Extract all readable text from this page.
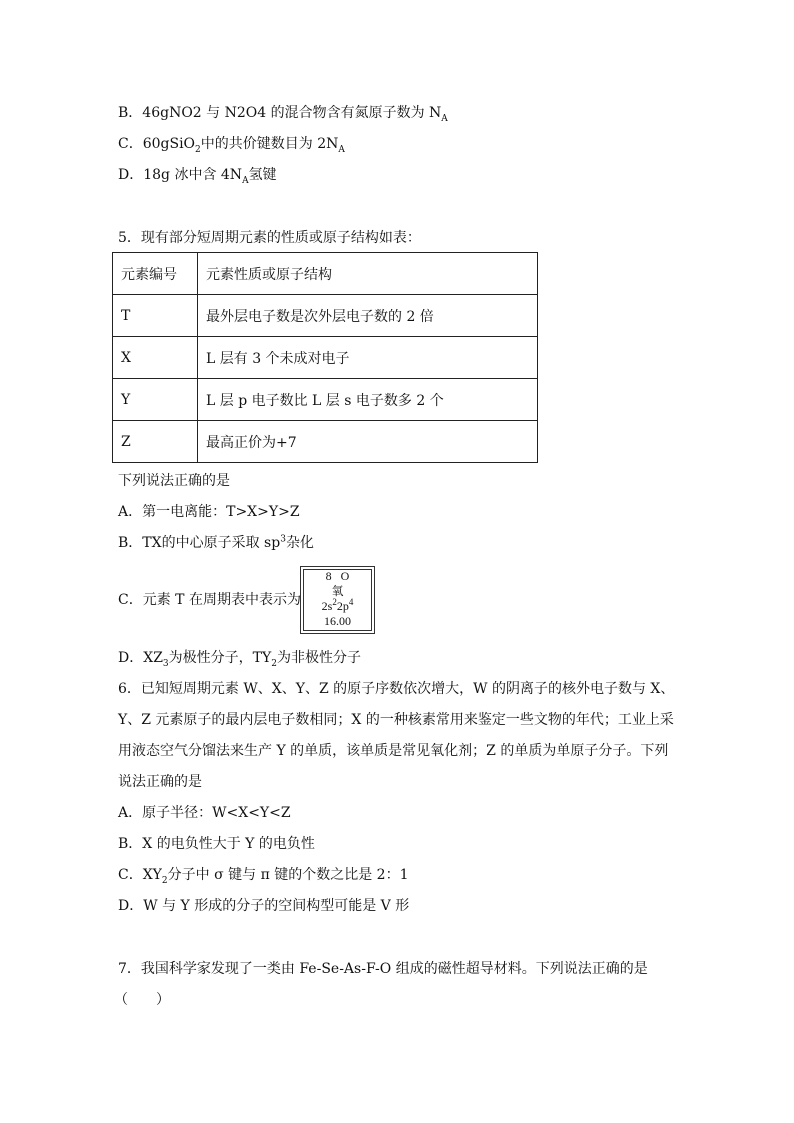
B．46gNO2 与 N2O4 的混合物含有氮原子数为 $N_A$
C．60gSiO$_2$中的共价键数目为 $2N_A$
D．18g 冰中含 $4N_A$氢键
5．现有部分短周期元素的性质或原子结构如表：
元素编号	元素性质或原子结构
T	最外层电子数是次外层电子数的 2 倍
X	L 层有 3 个未成对电子
Y	L 层 p 电子数比 L 层 s 电子数多 2 个
Z	最高正价为+7
下列说法正确的是
A．第一电离能：T>X>Y>Z
B．TX的中心原子采取 $sp^3$杂化
C．元素 T 在周期表中表示为
8 O
氧
$2s^22p^4$
16.00
D．$XZ_3$为极性分子，$TY_2$为非极性分子
6．已知短周期元素 W、X、Y、Z 的原子序数依次增大，W 的阴离子的核外电子数与 X、
Y、Z 元素原子的最内层电子数相同；X 的一种核素常用来鉴定一些文物的年代；工业上采
用液态空气分馏法来生产 Y 的单质，该单质是常见氧化剂；Z 的单质为单原子分子。下列
说法正确的是
A．原子半径：W<X<Y<Z
B．X 的电负性大于 Y 的电负性
C．$XY_2$分子中 σ 键与 π 键的个数之比是 2：1
D．W 与 Y 形成的分子的空间构型可能是 V 形
7．我国科学家发现了一类由 Fe-Se-As-F-O 组成的磁性超导材料。下列说法正确的是
（　　）
